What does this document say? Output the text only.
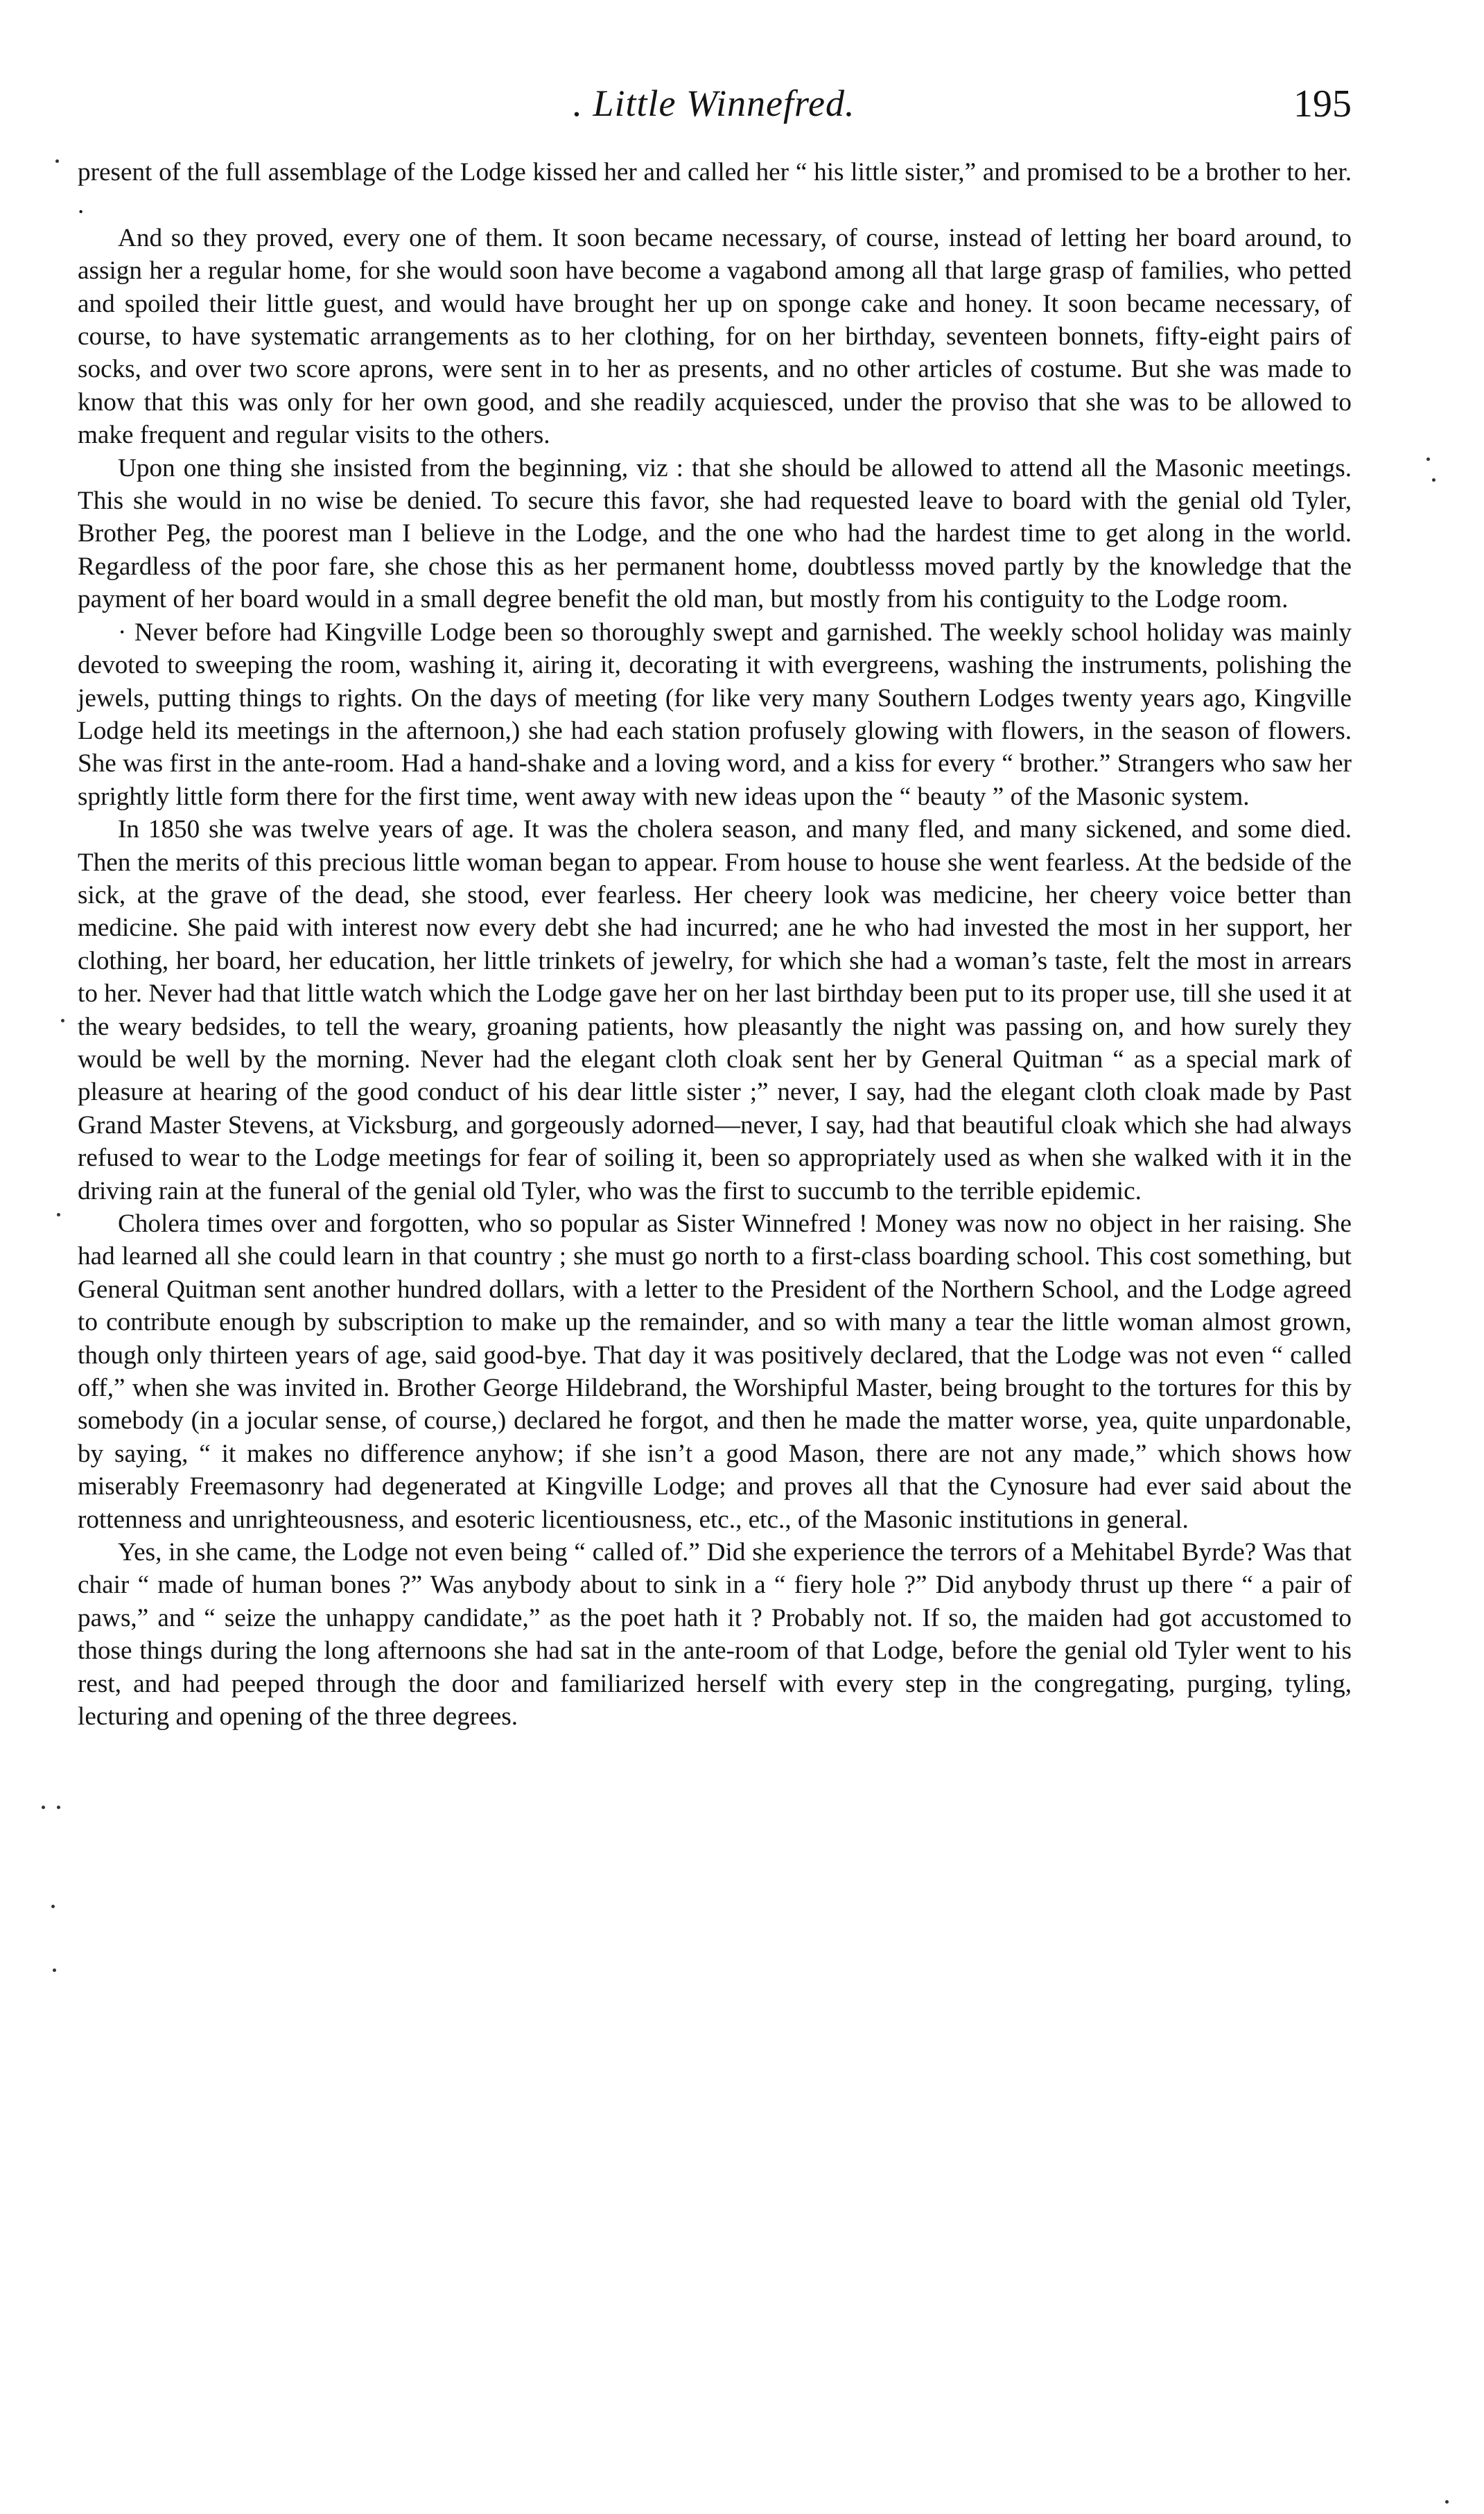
. Little Winnefred.	195

present of the full assemblage of the Lodge kissed her and called her “ his little sister,” and promised to be a brother to her. .

And so they proved, every one of them. It soon became necessary, of course, instead of letting her board around, to assign her a regular home, for she would soon have become a vagabond among all that large grasp of families, who petted and spoiled their little guest, and would have brought her up on sponge cake and honey. It soon became necessary, of course, to have systematic arrangements as to her clothing, for on her birthday, seventeen bonnets, fifty-eight pairs of socks, and over two score aprons, were sent in to her as presents, and no other articles of costume. But she was made to know that this was only for her own good, and she readily acquiesced, under the proviso that she was to be allowed to make frequent and regular visits to the others.

Upon one thing she insisted from the beginning, viz : that she should be allowed to attend all the Masonic meetings. This she would in no wise be denied. To secure this favor, she had requested leave to board with the genial old Tyler, Brother Peg, the poorest man I believe in the Lodge, and the one who had the hardest time to get along in the world. Regardless of the poor fare, she chose this as her permanent home, doubtlesss moved partly by the knowledge that the payment of her board would in a small degree benefit the old man, but mostly from his contiguity to the Lodge room.

· Never before had Kingville Lodge been so thoroughly swept and garnished. The weekly school holiday was mainly devoted to sweeping the room, washing it, airing it, decorating it with evergreens, washing the instruments, polishing the jewels, putting things to rights. On the days of meeting (for like very many Southern Lodges twenty years ago, Kingville Lodge held its meetings in the afternoon,) she had each station profusely glowing with flowers, in the season of flowers. She was first in the ante-room. Had a hand-shake and a loving word, and a kiss for every “ brother.” Strangers who saw her sprightly little form there for the first time, went away with new ideas upon the “ beauty ” of the Masonic system.

In 1850 she was twelve years of age. It was the cholera season, and many fled, and many sickened, and some died. Then the merits of this precious little woman began to appear. From house to house she went fearless. At the bedside of the sick, at the grave of the dead, she stood, ever fearless. Her cheery look was medicine, her cheery voice better than medicine. She paid with interest now every debt she had incurred; ane he who had invested the most in her support, her clothing, her board, her education, her little trinkets of jewelry, for which she had a woman’s taste, felt the most in arrears to her. Never had that little watch which the Lodge gave her on her last birthday been put to its proper use, till she used it at the weary bedsides, to tell the weary, groaning patients, how pleasantly the night was passing on, and how surely they would be well by the morning. Never had the elegant cloth cloak sent her by General Quitman “ as a special mark of pleasure at hearing of the good conduct of his dear little sister ;” never, I say, had the elegant cloth cloak made by Past Grand Master Stevens, at Vicksburg, and gorgeously adorned—never, I say, had that beautiful cloak which she had always refused to wear to the Lodge meetings for fear of soiling it, been so appropriately used as when she walked with it in the driving rain at the funeral of the genial old Tyler, who was the first to succumb to the terrible epidemic.

Cholera times over and forgotten, who so popular as Sister Winnefred ! Money was now no object in her raising. She had learned all she could learn in that country ; she must go north to a first-class boarding school. This cost something, but General Quitman sent another hundred dollars, with a letter to the President of the Northern School, and the Lodge agreed to contribute enough by subscription to make up the remainder, and so with many a tear the little woman almost grown, though only thirteen years of age, said good-bye. That day it was positively declared, that the Lodge was not even “ called off,” when she was invited in. Brother George Hildebrand, the Worshipful Master, being brought to the tortures for this by somebody (in a jocular sense, of course,) declared he forgot, and then he made the matter worse, yea, quite unpardonable, by saying, “ it makes no difference anyhow; if she isn’t a good Mason, there are not any made,” which shows how miserably Freemasonry had degenerated at Kingville Lodge; and proves all that the Cynosure had ever said about the rottenness and unrighteousness, and esoteric licentiousness, etc., etc., of the Masonic institutions in general.

Yes, in she came, the Lodge not even being “ called of.” Did she experience the terrors of a Mehitabel Byrde? Was that chair “ made of human bones ?” Was anybody about to sink in a “ fiery hole ?” Did anybody thrust up there “ a pair of paws,” and “ seize the unhappy candidate,” as the poet hath it ? Probably not. If so, the maiden had got accustomed to those things during the long afternoons she had sat in the ante-room of that Lodge, before the genial old Tyler went to his rest, and had peeped through the door and familiarized herself with every step in the congregating, purging, tyling, lecturing and opening of the three degrees.
